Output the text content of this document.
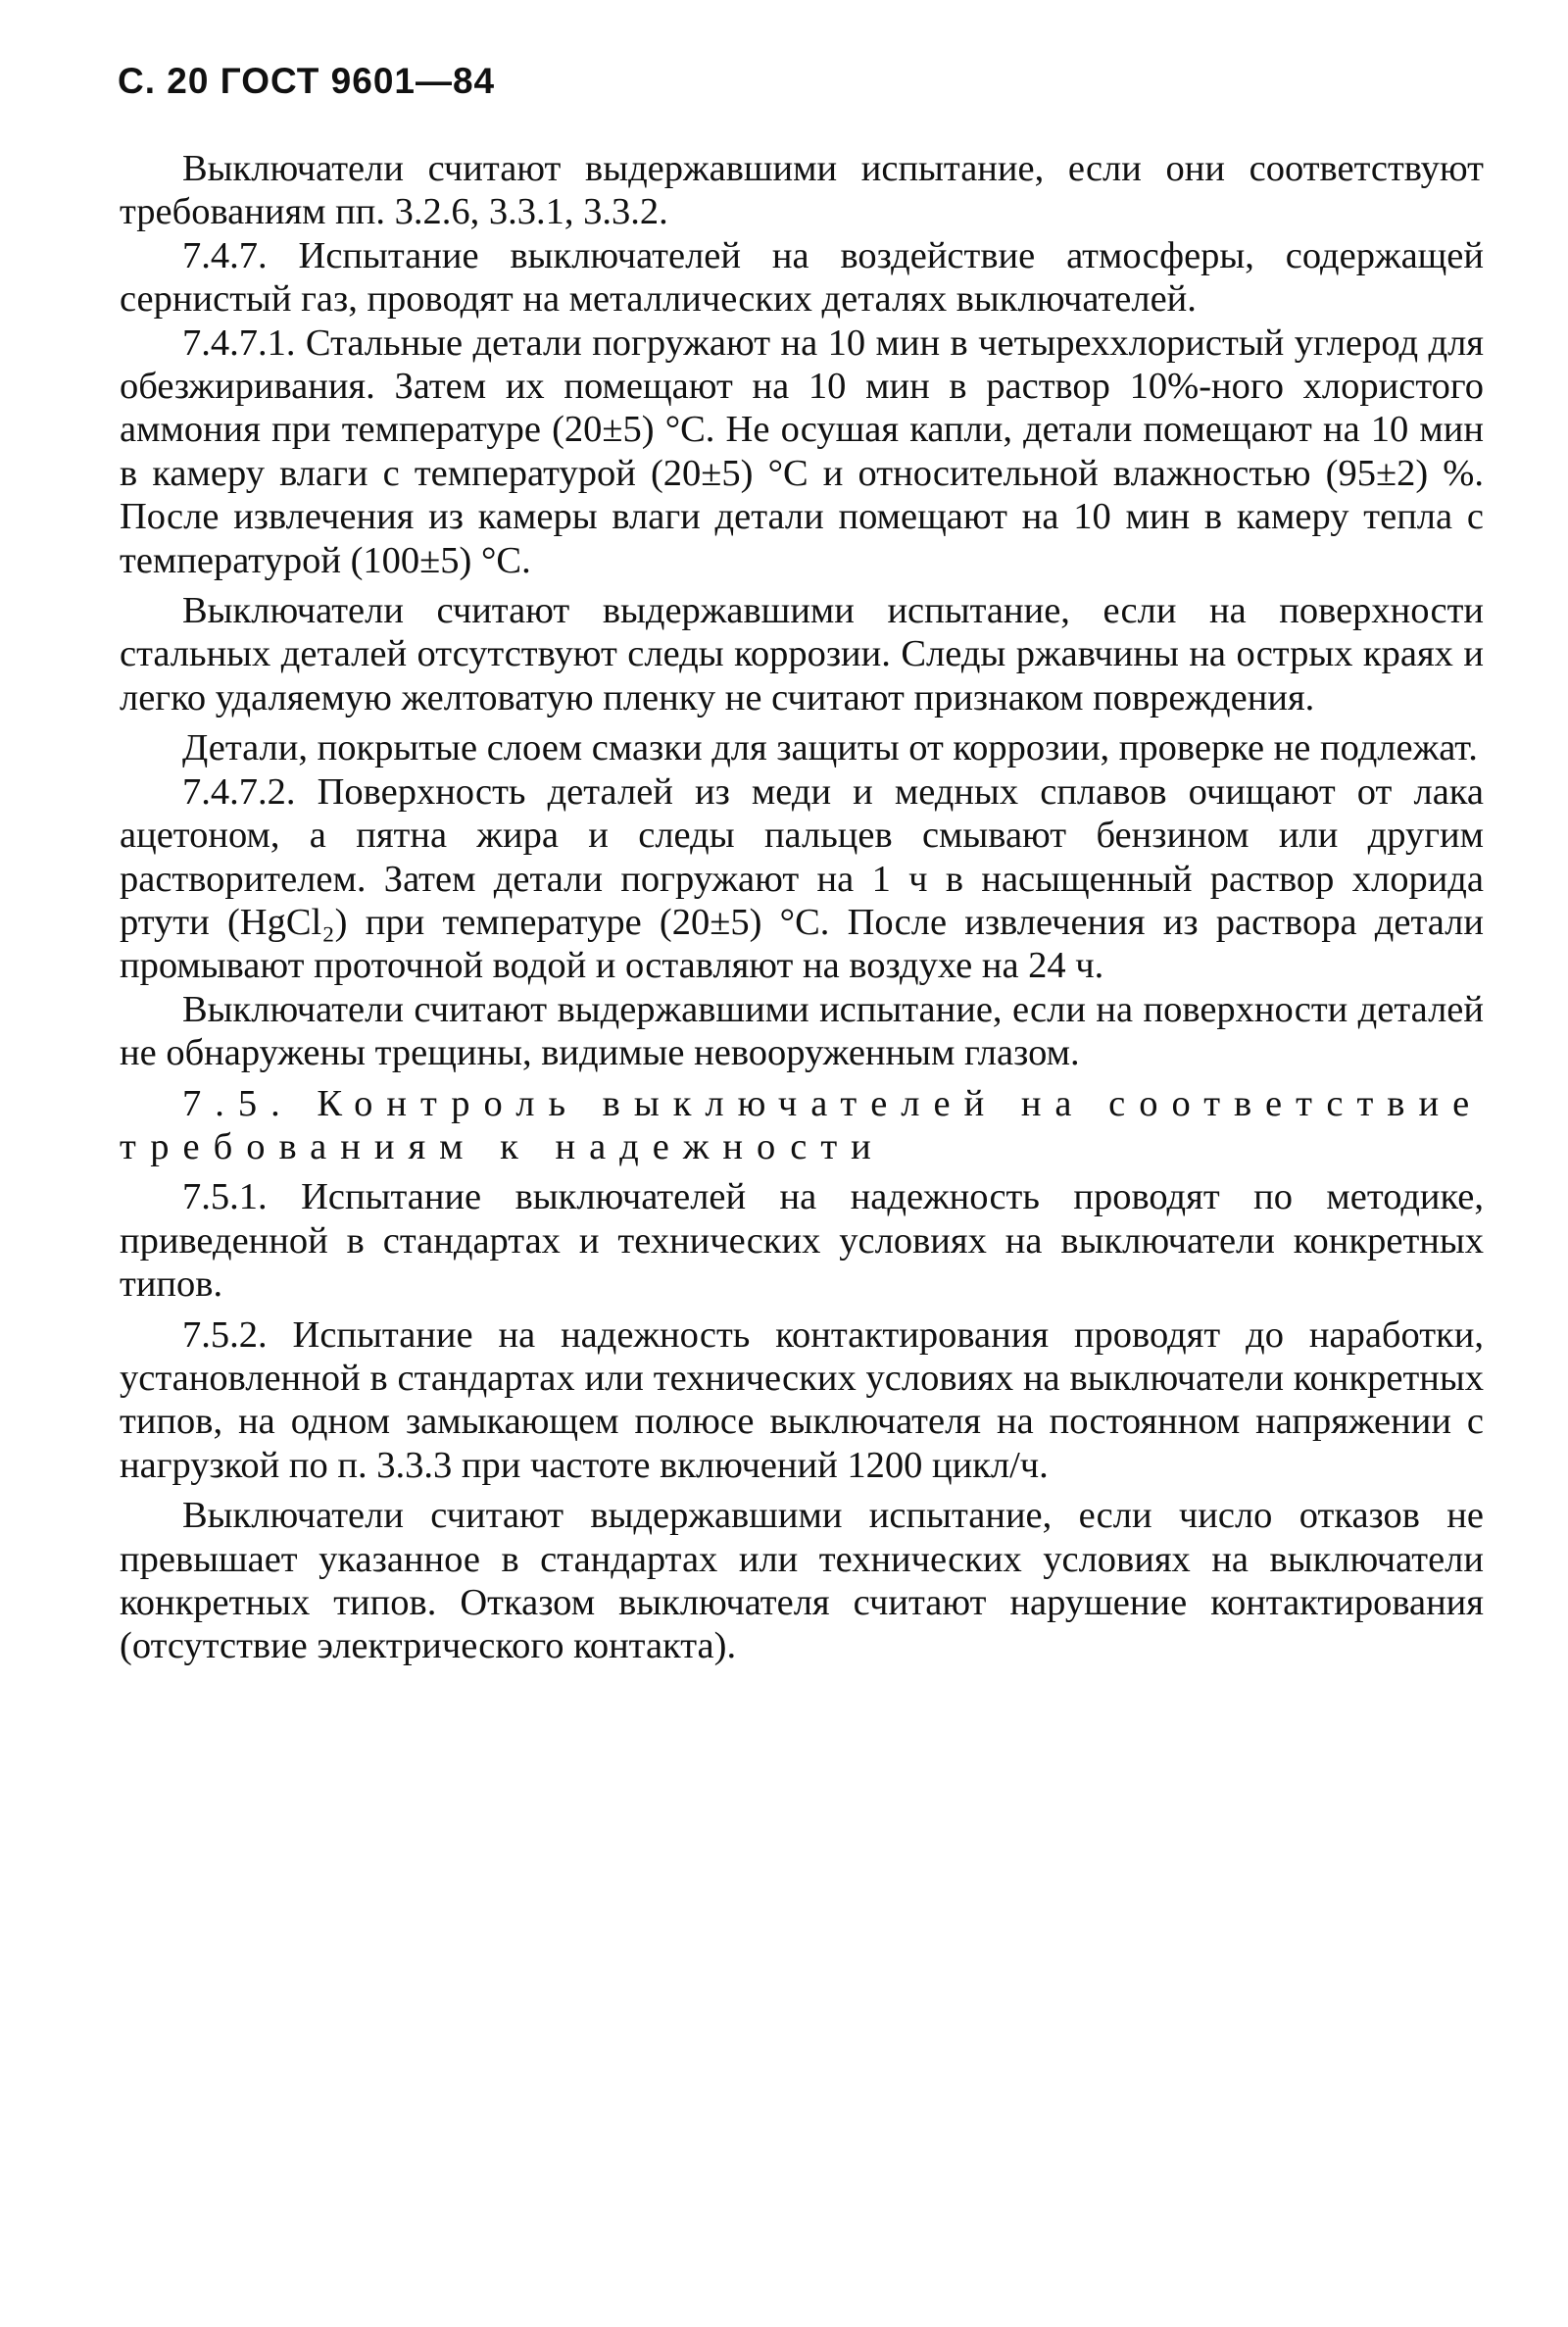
С. 20 ГОСТ 9601—84

Выключатели считают выдержавшими испытание, если они соответствуют требованиям пп. 3.2.6, 3.3.1, 3.3.2.

7.4.7. Испытание выключателей на воздействие атмосферы, содержащей сернистый газ, проводят на металлических деталях выключателей.

7.4.7.1. Стальные детали погружают на 10 мин в четыреххлористый углерод для обезжиривания. Затем их помещают на 10 мин в раствор 10%-ного хлористого аммония при температуре (20±5) °С. Не осушая капли, детали помещают на 10 мин в камеру влаги с температурой (20±5) °С и относительной влажностью (95±2) %. После извлечения из камеры влаги детали помещают на 10 мин в камеру тепла с температурой (100±5) °С.

Выключатели считают выдержавшими испытание, если на поверхности стальных деталей отсутствуют следы коррозии. Следы ржавчины на острых краях и легко удаляемую желтоватую пленку не считают признаком повреждения.

Детали, покрытые слоем смазки для защиты от коррозии, проверке не подлежат.

7.4.7.2. Поверхность деталей из меди и медных сплавов очищают от лака ацетоном, а пятна жира и следы пальцев смывают бензином или другим растворителем. Затем детали погружают на 1 ч в насыщенный раствор хлорида ртути (HgCl₂) при температуре (20±5) °С. После извлечения из раствора детали промывают проточной водой и оставляют на воздухе на 24 ч.

Выключатели считают выдержавшими испытание, если на поверхности деталей не обнаружены трещины, видимые невооруженным глазом.

7.5. Контроль выключателей на соответствие требованиям к надежности

7.5.1. Испытание выключателей на надежность проводят по методике, приведенной в стандартах и технических условиях на выключатели конкретных типов.

7.5.2. Испытание на надежность контактирования проводят до наработки, установленной в стандартах или технических условиях на выключатели конкретных типов, на одном замыкающем полюсе выключателя на постоянном напряжении с нагрузкой по п. 3.3.3 при частоте включений 1200 цикл/ч.

Выключатели считают выдержавшими испытание, если число отказов не превышает указанное в стандартах или технических условиях на выключатели конкретных типов. Отказом выключателя считают нарушение контактирования (отсутствие электрического контакта).
